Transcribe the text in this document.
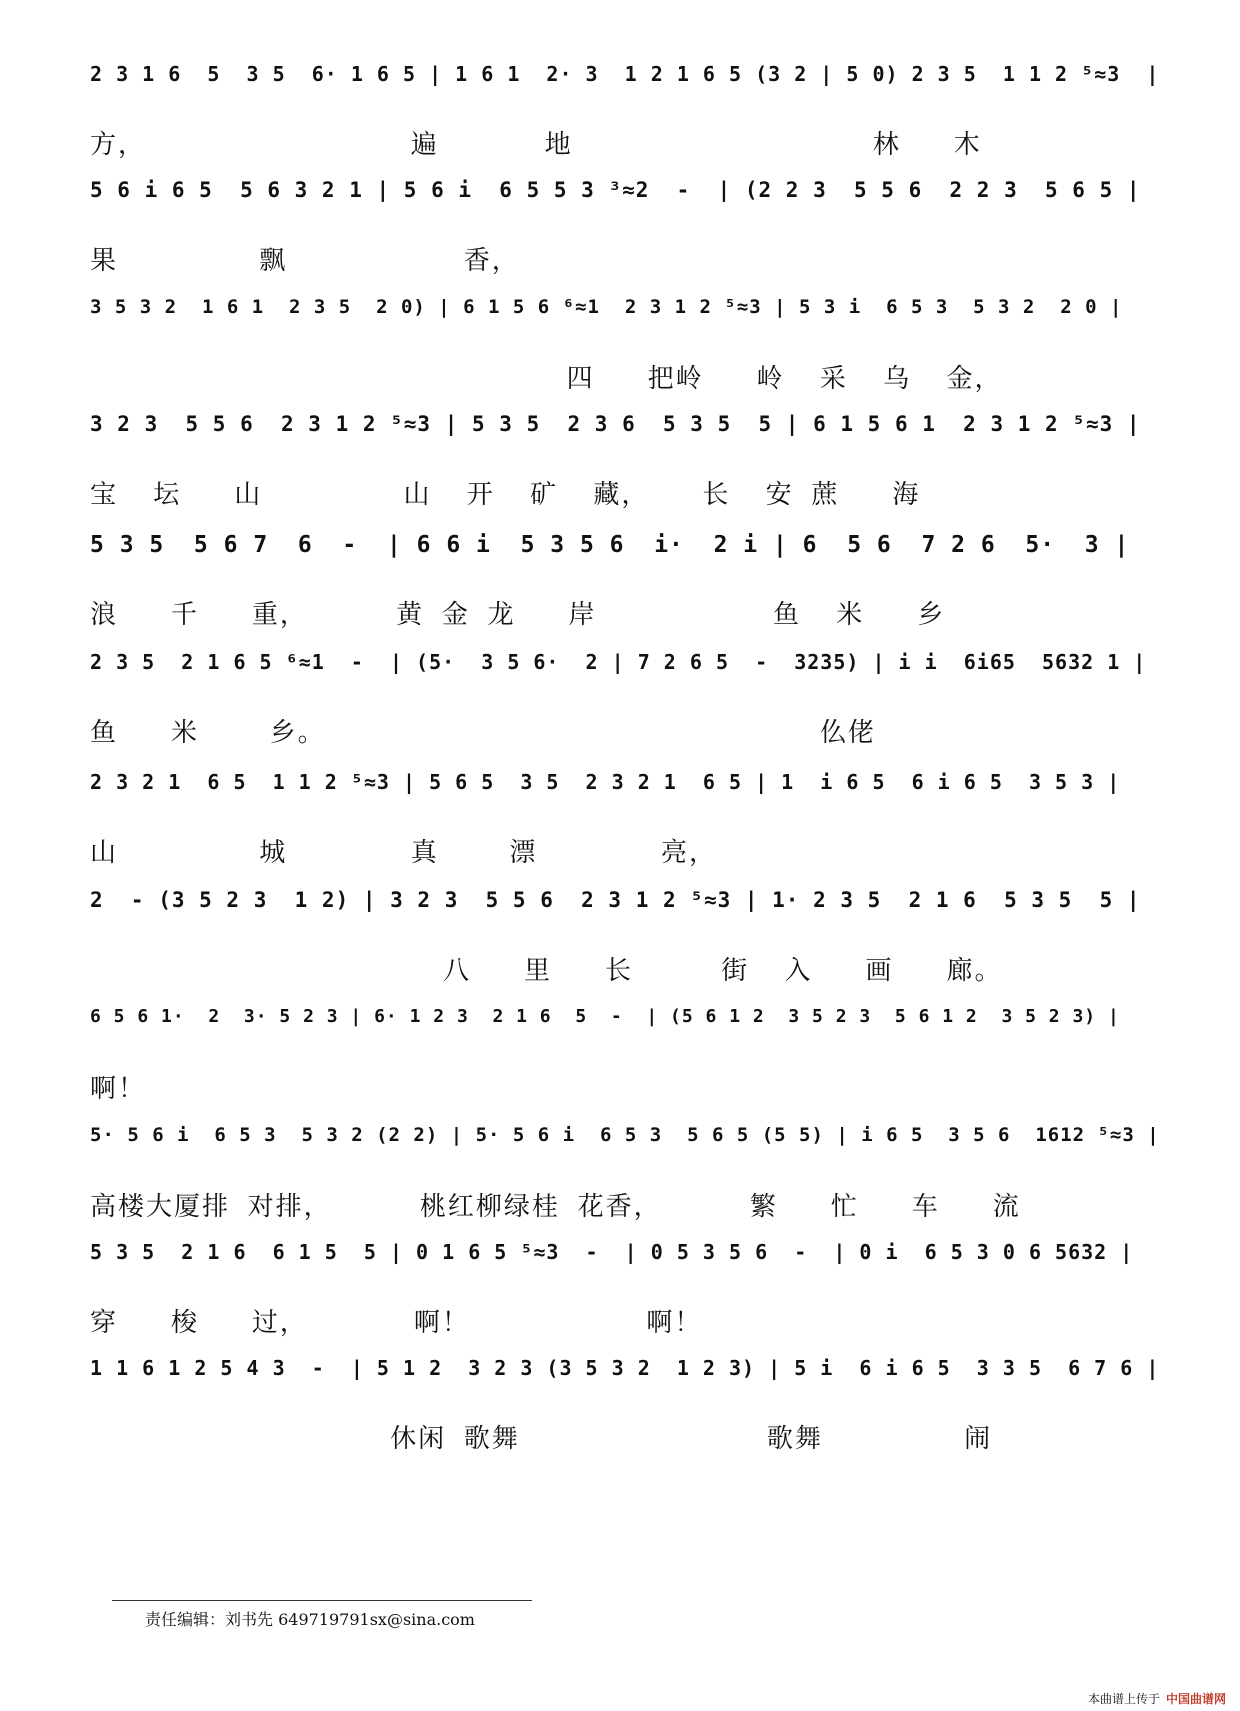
责任编辑：刘书先 649719791sx@sina.com
本曲谱上传于 中国曲谱网
2 3 1 6  5  3 5  6· 1 6 5 | 1 6 1  2· 3  1 2 1 6 5 (3 2 | 5 0) 2 3 5  1 1 2 ⁵≈3  |
方，               遍      地                 林   木
5 6 i 6 5  5 6 3 2 1 | 5 6 i  6 5 5 3 ³≈2  -  | (2 2 3  5 5 6  2 2 3  5 6 5 |
果        飘          香，
3 5 3 2  1 6 1  2 3 5  2 0) | 6 1 5 6 ⁶≈1  2 3 1 2 ⁵≈3 | 5 3 i  6 5 3  5 3 2  2 0 |
四   把岭   岭  采  乌  金，
3 2 3  5 5 6  2 3 1 2 ⁵≈3 | 5 3 5  2 3 6  5 3 5  5 | 6 1 5 6 1  2 3 1 2 ⁵≈3 |
宝  坛   山        山  开  矿  藏，   长  安 蔗   海
5 3 5  5 6 7  6  -  | 6 6 i  5 3 5 6  i·  2 i | 6  5 6  7 2 6  5·  3 |
浪   千   重，     黄 金 龙   岸          鱼  米   乡
2 3 5  2 1 6 5 ⁶≈1  -  | (5·  3 5 6·  2 | 7 2 6 5  -  3235) | i i  6i65  5632 1 |
鱼   米    乡。                            仫佬
2 3 2 1  6 5  1 1 2 ⁵≈3 | 5 6 5  3 5  2 3 2 1  6 5 | 1  i 6 5  6 i 6 5  3 5 3 |
山        城       真    漂       亮，
2  - (3 5 2 3  1 2) | 3 2 3  5 5 6  2 3 1 2 ⁵≈3 | 1· 2 3 5  2 1 6  5 3 5  5 |
八   里   长     街  入   画   廊。
6 5 6 1·  2  3· 5 2 3 | 6· 1 2 3  2 1 6  5  -  | (5 6 1 2  3 5 2 3  5 6 1 2  3 5 2 3) |
啊！
5· 5 6 i  6 5 3  5 3 2 (2 2) | 5· 5 6 i  6 5 3  5 6 5 (5 5) | i 6 5  3 5 6  1612 ⁵≈3 |
高楼大厦排 对排，     桃红柳绿桂 花香，     繁   忙   车   流
5 3 5  2 1 6  6 1 5  5 | 0 1 6 5 ⁵≈3  -  | 0 5 3 5 6  -  | 0 i  6 5 3 0 6 5632 |
穿   梭   过，      啊！          啊！
1 1 6 1 2 5 4 3  -  | 5 1 2  3 2 3 (3 5 3 2  1 2 3) | 5 i  6 i 6 5  3 3 5  6 7 6 |
休闲 歌舞              歌舞        闹
